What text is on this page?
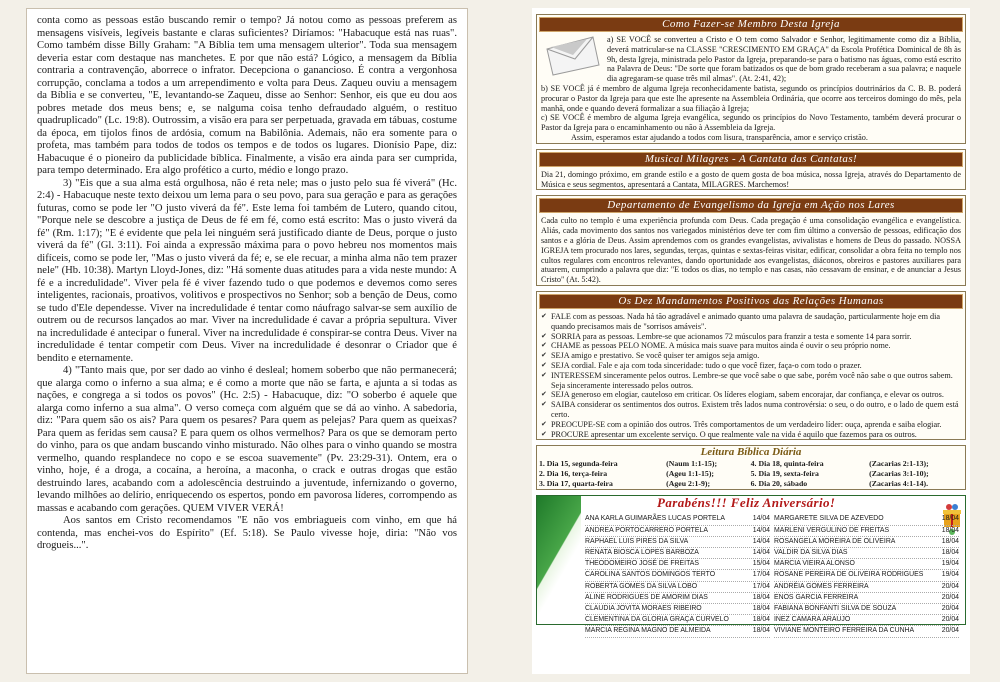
conta como as pessoas estão buscando remir o tempo? Já notou como as pessoas preferem as mensagens visíveis, legíveis bastante e claras suficientes? Diríamos: "Habacuque está nas ruas". Como também disse Billy Graham: "A Bíblia tem uma mensagem ulterior". Toda sua mensagem deveria estar com destaque nas manchetes. E por que não está? Lógico, a mensagem da Bíblia contraria a contravenção, aborrece o infrator. Decepciona o ganancioso. É contra a vergonhosa corrupção, conclama a todos a um arrependimento e volta para Deus. Zaqueu ouviu a mensagem da Bíblia e se converteu, "E, levantando-se Zaqueu, disse ao Senhor: Senhor, eis que eu dou aos pobres metade dos meus bens; e, se nalguma coisa tenho defraudado alguém, o restituo quadruplicado" (Lc. 19:8). Outrossim, a visão era para ser perpetuada, gravada em tábuas, costume da época, em tijolos finos de ardósia, comum na Babilônia. Ademais, não era somente para o profeta, mas também para todos de todos os tempos e de todos os lugares. Dionísio Pape, diz: Habacuque é o pioneiro da publicidade bíblica. Finalmente, a visão era ainda para ser cumprida, para tempo determinado. Era algo profético a curto, médio e longo prazo.

3) "Eis que a sua alma está orgulhosa, não é reta nele; mas o justo pelo sua fé viverá" (Hc. 2:4) - Habacuque neste texto deixou um lema para o seu povo, para sua geração e para as gerações futuras, como se pode ler "O justo viverá da fé". Este lema foi também de Lutero, quando citou, "Porque nele se descobre a justiça de Deus de fé em fé, como está escrito: Mas o justo viverá da fé" (Rm. 1:17); "E é evidente que pela lei ninguém será justificado diante de Deus, porque o justo viverá da fé" (Gl. 3:11). Foi ainda a expressão máxima para o povo hebreu nos momentos mais difíceis, como se pode ler, "Mas o justo viverá da fé; e, se ele recuar, a minha alma não tem prazer nele" (Hb. 10:38). Martyn Lloyd-Jones, diz: "Há somente duas atitudes para a vida neste mundo: A fé e a incredulidade". Viver pela fé é viver fazendo tudo o que podemos e devemos como seres inteligentes, racionais, proativos, volitivos e prospectivos no Senhor; sob a benção de Deus, como se tudo d'Ele dependesse. Viver na incredulidade é tentar como náufrago salvar-se sem auxílio de outrem ou de recursos lançados ao mar. Viver na incredulidade é cavar a própria sepultura. Viver na incredulidade é antecipar o funeral. Viver na incredulidade é conspirar-se contra Deus. Viver na incredulidade é tentar competir com Deus. Viver na incredulidade é desonrar o Criador que é bendito e eternamente.

4) "Tanto mais que, por ser dado ao vinho é desleal; homem soberbo que não permanecerá; que alarga como o inferno a sua alma; e é como a morte que não se farta, e ajunta a si todas as nações, e congrega a si todos os povos" (Hc. 2:5) - Habacuque, diz: "O soberbo é aquele que alarga como inferno a sua alma". O verso começa com alguém que se dá ao vinho. A sabedoria, diz: "Para quem são os ais? Para quem os pesares? Para quem as pelejas? Para quem as queixas? Para quem as feridas sem causa? E para quem os olhos vermelhos? Para os que se demoram perto do vinho, para os que andam buscando vinho misturado. Não olhes para o vinho quando se mostra vermelho, quando resplandece no copo e se escoa suavemente" (Pv. 23:29-31). Ontem, era o vinho, hoje, é a droga, a cocaína, a heroína, a maconha, o crack e outras drogas que estão destruindo lares, acabando com a adolescência destruindo a juventude, infernizando o governo, levando milhões ao delírio, enriquecendo os espertos, pondo em pavorosa líderes, corrompendo as massas e acabando com gerações. QUEM VIVER VERÁ!

Aos santos em Cristo recomendamos "E não vos embriagueis com vinho, em que há contenda, mas enchei-vos do Espírito" (Ef. 5:18). Se Paulo vivesse hoje, diria: "Não vos drogueis...".

Como Fazer-se Membro Desta Igreja
a) SE VOCÊ se converteu a Cristo e O tem como Salvador e Senhor, legitimamente como diz a Bíblia, deverá matricular-se na CLASSE "CRESCIMENTO EM GRAÇA" da Escola Profética Dominical de 8h às 9h, desta Igreja, ministrada pelo Pastor da Igreja, preparando-se para o batismo nas águas, como está escrito na Palavra de Deus: "De sorte que foram batizados os que de bom grado receberam a sua palavra; e naquele dia agregaram-se quase três mil almas". (At. 2:41, 42);
b) SE VOCÊ já é membro de alguma Igreja reconhecidamente batista, segundo os princípios doutrinários da C. B. B. poderá procurar o Pastor da Igreja para que este lhe apresente na Assembleia Ordinária, que ocorre aos terceiros domingo do mês, pela manhã, onde e quando deverá formalizar a sua filiação à Igreja;
c) SE VOCÊ é membro de alguma Igreja evangélica, segundo os princípios do Novo Testamento, também deverá procurar o Pastor da Igreja para o encaminhamento ou não à Assembleia da Igreja.
Assim, esperamos estar ajudando a todos com lisura, transparência, amor e serviço cristão.
Musical Milagres - A Cantata das Cantatas!
Dia 21, domingo próximo, em grande estilo e a gosto de quem gosta de boa música, nossa Igreja, através do Departamento de Música e seus segmentos, apresentará a Cantata, MILAGRES. Marchemos!
Departamento de Evangelismo da Igreja em Ação nos Lares
Cada culto no templo é uma experiência profunda com Deus. Cada pregação é uma consolidação evangélica e evangelística. Aliás, cada movimento dos santos nos variegados ministérios deve ter com fim último a conversão de pessoas, edificação dos santos e a glória de Deus. Assim aprendemos com os grandes evangelistas, avivalistas e homens de Deus do passado. NOSSA IGREJA tem procurado nos lares, segundas, terças, quintas e sextas-feiras visitar, edificar, consolidar a obra feita no templo nos cultos regulares com encontros relevantes, dando oportunidade aos evangelistas, diáconos, obreiros e pastores auxiliares para atuarem, cumprindo a palavra que diz: "E todos os dias, no templo e nas casas, não cessavam de ensinar, e de anunciar a Jesus Cristo" (At. 5:42).
Os Dez Mandamentos Positivos das Relações Humanas
✔ FALE com as pessoas. Nada há tão agradável e animado quanto uma palavra de saudação, particularmente hoje em dia quando precisamos mais de "sorrisos amáveis".
✔ SORRIA para as pessoas. Lembre-se que acionamos 72 músculos para franzir a testa e somente 14 para sorrir.
✔ CHAME as pessoas PELO NOME. A música mais suave para muitos ainda é ouvir o seu próprio nome.
✔ SEJA amigo e prestativo. Se você quiser ter amigos seja amigo.
✔ SEJA cordial. Fale e aja com toda sinceridade: tudo o que você fizer, faça-o com todo o prazer.
✔ INTERESSEM sinceramente pelos outros. Lembre-se que você sabe o que sabe, porém você não sabe o que outros sabem. Seja sinceramente interessado pelos outros.
✔ SEJA generoso em elogiar, cauteloso em criticar. Os líderes elogiam, sabem encorajar, dar confiança, e elevar os outros.
✔ SAIBA considerar os sentimentos dos outros. Existem três lados numa controvérsia: o seu, o do outro, e o lado de quem está certo.
✔ PREOCUPE-SE com a opinião dos outros. Três comportamentos de um verdadeiro líder: ouça, aprenda e saiba elogiar.
✔ PROCURE apresentar um excelente serviço. O que realmente vale na vida é aquilo que fazemos para os outros.
Leitura Bíblica Diária
1. Dia 15, segunda-feira	(Naum 1:1-15);	4. Dia 18, quinta-feira	(Zacarias 2:1-13);
2. Dia 16, terça-feira	(Ageu 1:1-15);	5. Dia 19, sexta-feira	(Zacarias 3:1-10);
3. Dia 17, quarta-feira	(Ageu 2:1-9);	6. Dia 20, sábado	(Zacarias 4:1-14).
Parabéns!!! Feliz Aniversário!
ANA KARLA GUIMARÃES LUCAS PORTELA	14/04
ANDREA PORTOCARRERO PORTELA	14/04
RAPHAEL LUIS PIRES DA SILVA	14/04
RENATA BIOSCA LOPES BARBOZA	14/04
THEODOMEIRO JOSÉ DE FREITAS	15/04
CAROLINA SANTOS DOMINGOS TERTO	17/04
ROBERTA GOMES DA SILVA LOBO	17/04
ALINE RODRIGUES DE AMORIM DIAS	18/04
CLAUDIA JOVITA MORAES RIBEIRO	18/04
CLEMENTINA DA GLORIA GRAÇA CURVELO	18/04
MARCIA REGINA MAGNO DE ALMEIDA	18/04
MARGARETE SILVA DE AZEVEDO	18/04
MARLENI VERGULINO DE FREITAS	18/04
ROSANGELA MOREIRA DE OLIVEIRA	18/04
VALDIR DA SILVA DIAS	18/04
MARCIA VIEIRA ALONSO	19/04
ROSANE PEREIRA DE OLIVEIRA RODRIGUES	19/04
ANDRÉIA GOMES FERREIRA	20/04
ENOS GARCIA FERREIRA	20/04
FABIANA BONFANTI SILVA DE SOUZA	20/04
INEZ CAMARA ARAUJO	20/04
VIVIANE MONTEIRO FERREIRA DA CUNHA	20/04
